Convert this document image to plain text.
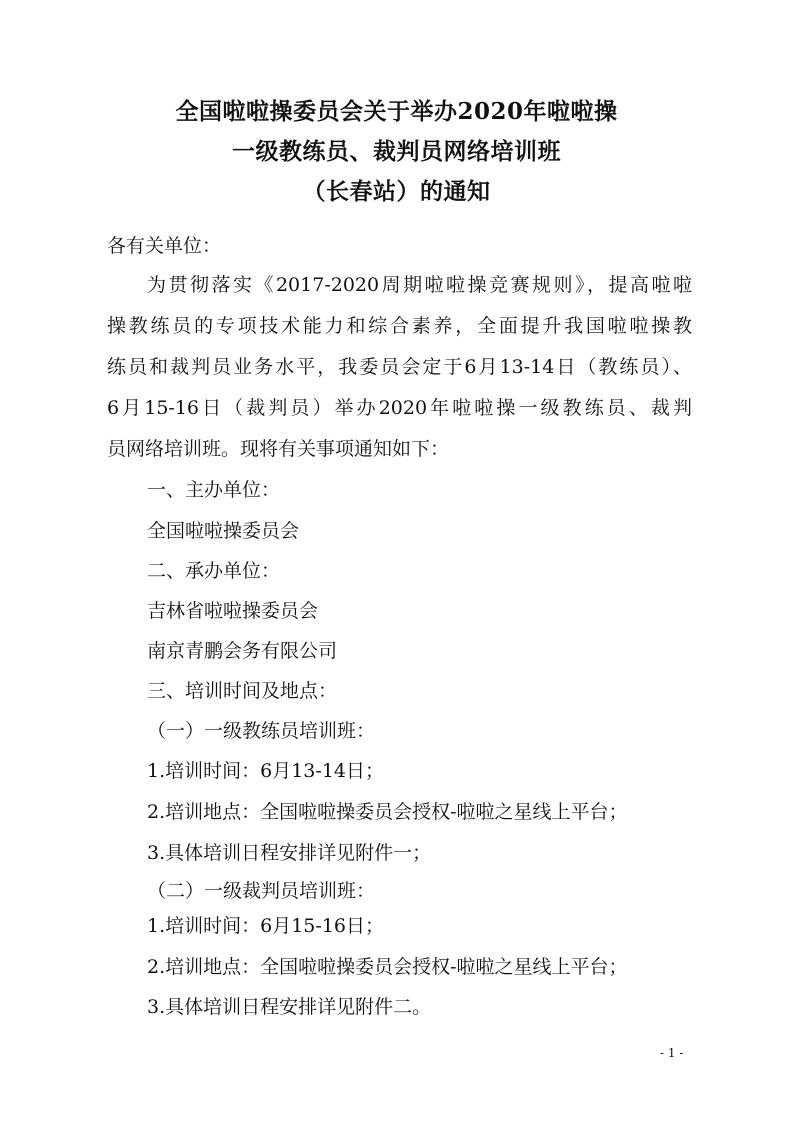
全国啦啦操委员会关于举办2020年啦啦操
一级教练员、裁判员网络培训班
（长春站）的通知
各有关单位：
为贯彻落实《2017-2020周期啦啦操竞赛规则》，提高啦啦
操教练员的专项技术能力和综合素养，全面提升我国啦啦操教
练员和裁判员业务水平，我委员会定于6月13-14日（教练员）、
6月15-16日（裁判员）举办2020年啦啦操一级教练员、裁判
员网络培训班。现将有关事项通知如下：
一、主办单位：
全国啦啦操委员会
二、承办单位：
吉林省啦啦操委员会
南京青鹏会务有限公司
三、培训时间及地点：
（一）一级教练员培训班：
1.培训时间：6月13-14日；
2.培训地点：全国啦啦操委员会授权-啦啦之星线上平台；
3.具体培训日程安排详见附件一；
（二）一级裁判员培训班：
1.培训时间：6月15-16日；
2.培训地点：全国啦啦操委员会授权-啦啦之星线上平台；
3.具体培训日程安排详见附件二。
- 1 -
